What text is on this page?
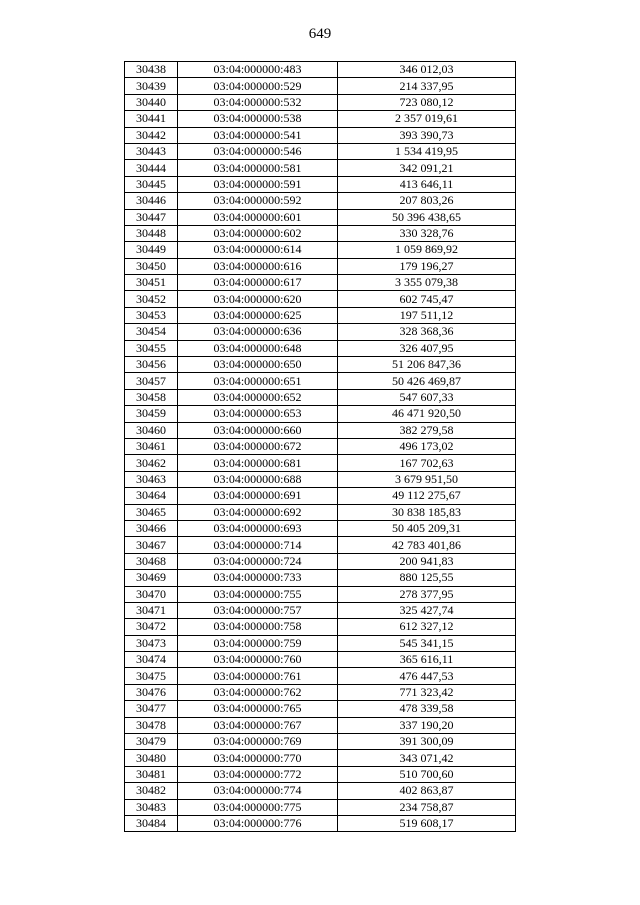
649
30438	03:04:000000:483	346 012,03
30439	03:04:000000:529	214 337,95
30440	03:04:000000:532	723 080,12
30441	03:04:000000:538	2 357 019,61
30442	03:04:000000:541	393 390,73
30443	03:04:000000:546	1 534 419,95
30444	03:04:000000:581	342 091,21
30445	03:04:000000:591	413 646,11
30446	03:04:000000:592	207 803,26
30447	03:04:000000:601	50 396 438,65
30448	03:04:000000:602	330 328,76
30449	03:04:000000:614	1 059 869,92
30450	03:04:000000:616	179 196,27
30451	03:04:000000:617	3 355 079,38
30452	03:04:000000:620	602 745,47
30453	03:04:000000:625	197 511,12
30454	03:04:000000:636	328 368,36
30455	03:04:000000:648	326 407,95
30456	03:04:000000:650	51 206 847,36
30457	03:04:000000:651	50 426 469,87
30458	03:04:000000:652	547 607,33
30459	03:04:000000:653	46 471 920,50
30460	03:04:000000:660	382 279,58
30461	03:04:000000:672	496 173,02
30462	03:04:000000:681	167 702,63
30463	03:04:000000:688	3 679 951,50
30464	03:04:000000:691	49 112 275,67
30465	03:04:000000:692	30 838 185,83
30466	03:04:000000:693	50 405 209,31
30467	03:04:000000:714	42 783 401,86
30468	03:04:000000:724	200 941,83
30469	03:04:000000:733	880 125,55
30470	03:04:000000:755	278 377,95
30471	03:04:000000:757	325 427,74
30472	03:04:000000:758	612 327,12
30473	03:04:000000:759	545 341,15
30474	03:04:000000:760	365 616,11
30475	03:04:000000:761	476 447,53
30476	03:04:000000:762	771 323,42
30477	03:04:000000:765	478 339,58
30478	03:04:000000:767	337 190,20
30479	03:04:000000:769	391 300,09
30480	03:04:000000:770	343 071,42
30481	03:04:000000:772	510 700,60
30482	03:04:000000:774	402 863,87
30483	03:04:000000:775	234 758,87
30484	03:04:000000:776	519 608,17
